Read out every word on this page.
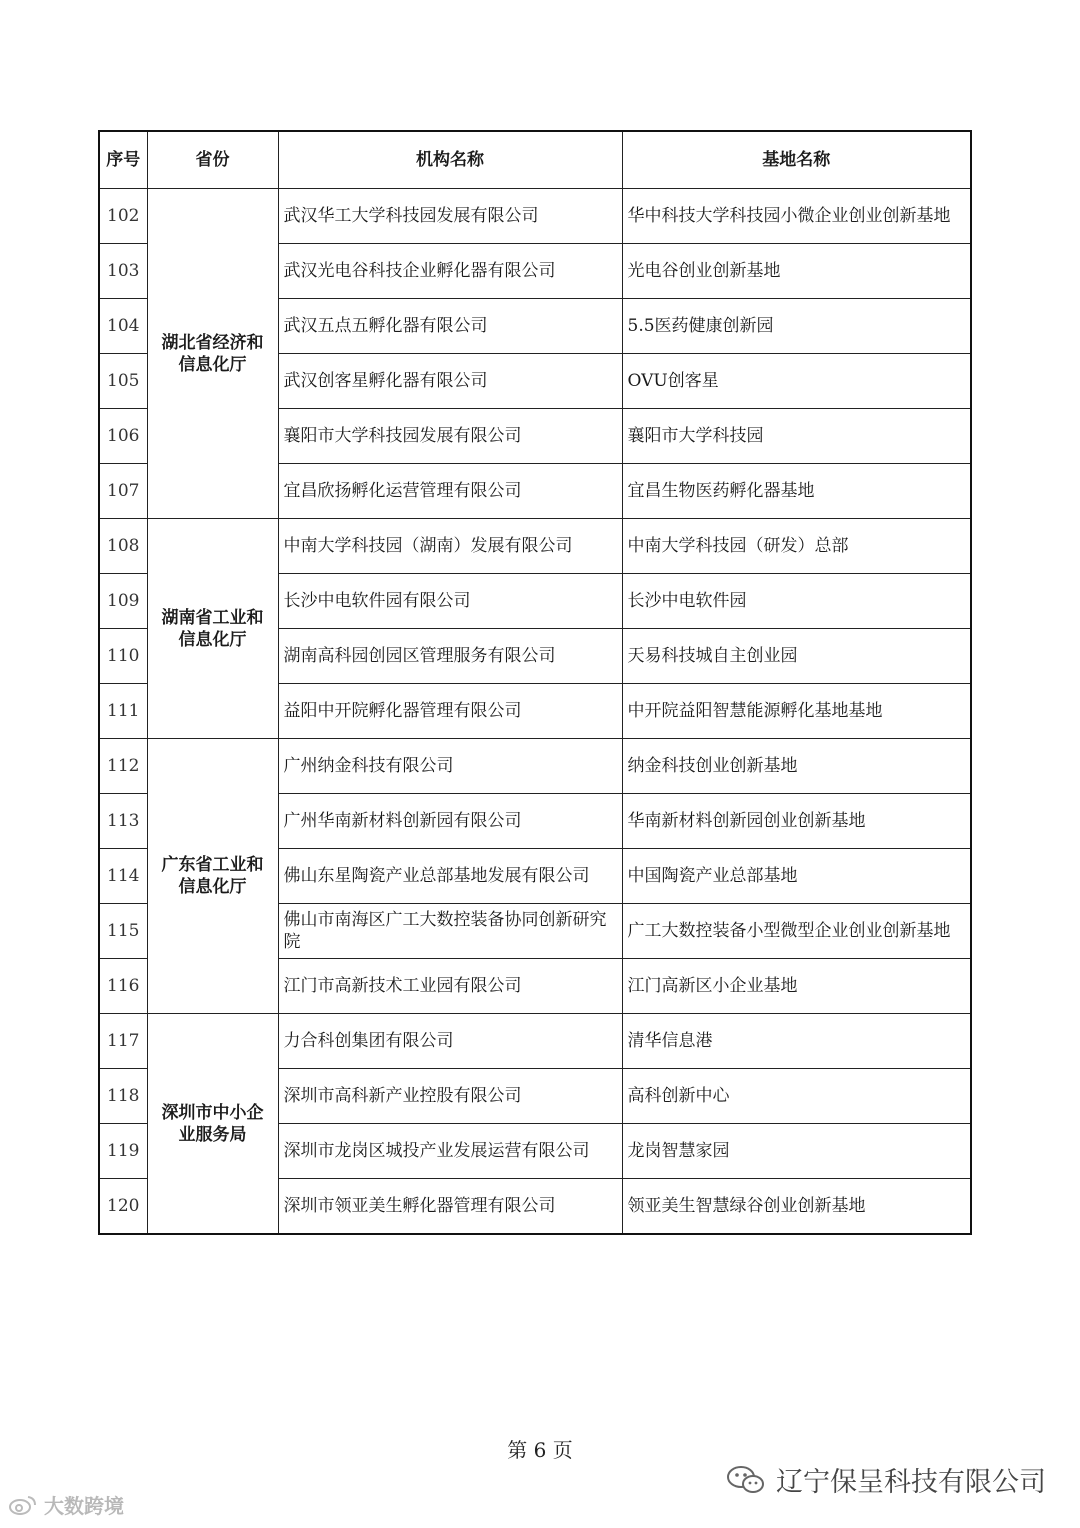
序号	省份	机构名称	基地名称
102	湖北省经济和信息化厅	武汉华工大学科技园发展有限公司	华中科技大学科技园小微企业创业创新基地
103		武汉光电谷科技企业孵化器有限公司	光电谷创业创新基地
104		武汉五点五孵化器有限公司	5.5医药健康创新园
105		武汉创客星孵化器有限公司	OVU创客星
106		襄阳市大学科技园发展有限公司	襄阳市大学科技园
107		宜昌欣扬孵化运营管理有限公司	宜昌生物医药孵化器基地
108	湖南省工业和信息化厅	中南大学科技园（湖南）发展有限公司	中南大学科技园（研发）总部
109		长沙中电软件园有限公司	长沙中电软件园
110		湖南高科园创园区管理服务有限公司	天易科技城自主创业园
111		益阳中开院孵化器管理有限公司	中开院益阳智慧能源孵化基地基地
112	广东省工业和信息化厅	广州纳金科技有限公司	纳金科技创业创新基地
113		广州华南新材料创新园有限公司	华南新材料创新园创业创新基地
114		佛山东星陶瓷产业总部基地发展有限公司	中国陶瓷产业总部基地
115		佛山市南海区广工大数控装备协同创新研究院	广工大数控装备小型微型企业创业创新基地
116		江门市高新技术工业园有限公司	江门高新区小企业基地
117	深圳市中小企业服务局	力合科创集团有限公司	清华信息港
118		深圳市高科新产业控股有限公司	高科创新中心
119		深圳市龙岗区城投产业发展运营有限公司	龙岗智慧家园
120		深圳市领亚美生孵化器管理有限公司	领亚美生智慧绿谷创业创新基地
第 6 页
大数跨境
辽宁保呈科技有限公司
